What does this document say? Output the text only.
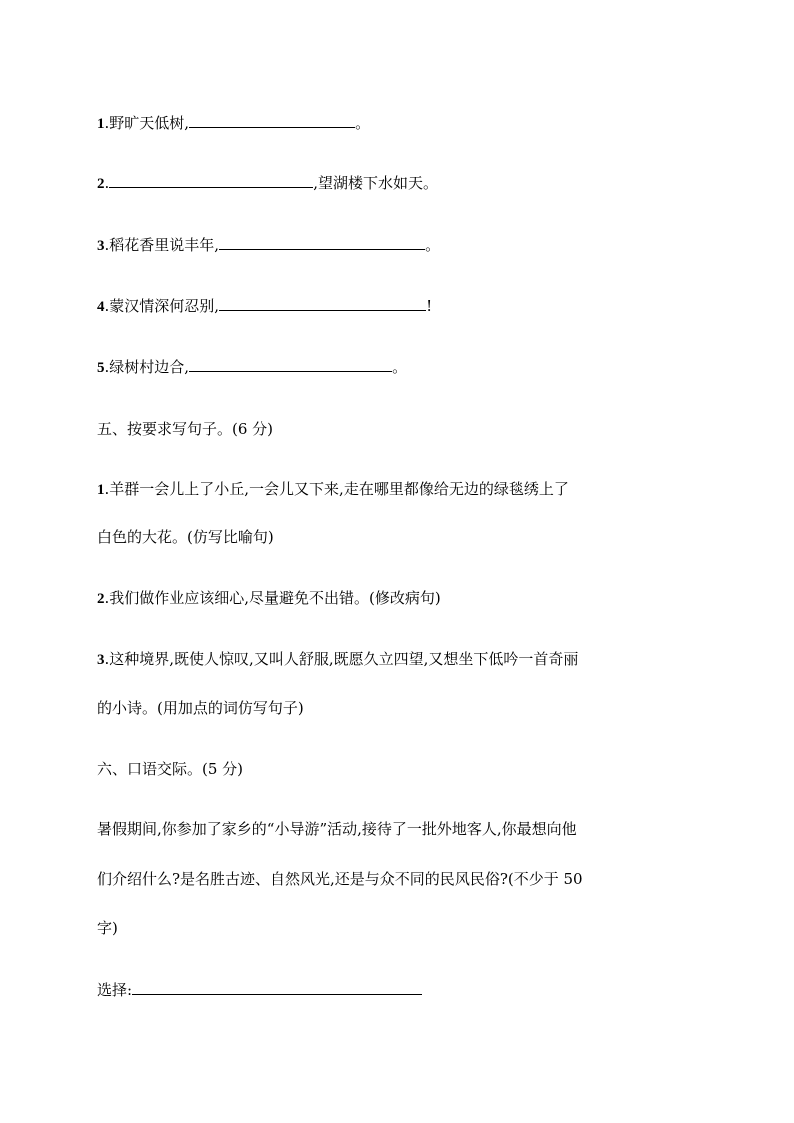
1.野旷天低树,	。
2.	,望湖楼下水如天。
3.稻花香里说丰年,	。
4.蒙汉情深何忍别,	!
5.绿树村边合,	。
五、按要求写句子。(6 分)
1.羊群一会儿上了小丘,一会儿又下来,走在哪里都像给无边的绿毯绣上了
白色的大花。(仿写比喻句)
2.我们做作业应该细心,尽量避免不出错。(修改病句)
3.这种境界,既使人惊叹,又叫人舒服,既愿久立四望,又想坐下低吟一首奇丽
的小诗。(用加点的词仿写句子)
六、口语交际。(5 分)
暑假期间,你参加了家乡的“小导游”活动,接待了一批外地客人,你最想向他
们介绍什么?是名胜古迹、自然风光,还是与众不同的民风民俗?(不少于 50
字)
选择:
